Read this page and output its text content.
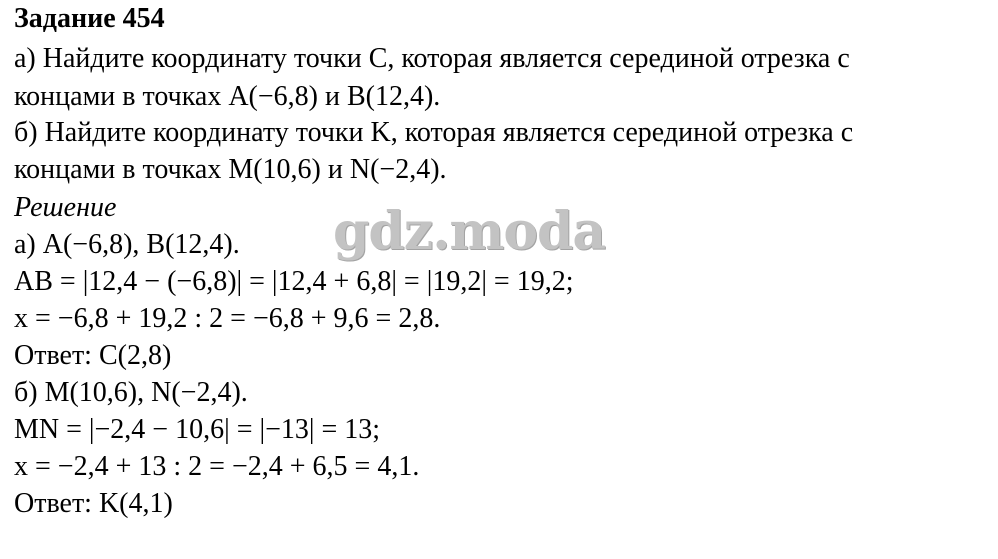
Задание 454
а) Найдите координату точки C, которая является серединой отрезка с
концами в точках A(−6,8) и B(12,4).
б) Найдите координату точки K, которая является серединой отрезка с
концами в точках M(10,6) и N(−2,4).
Решение
а) A(−6,8), B(12,4).
AB = |12,4 − (−6,8)| = |12,4 + 6,8| = |19,2| = 19,2;
x = −6,8 + 19,2 : 2 = −6,8 + 9,6 = 2,8.
Ответ: C(2,8)
б) M(10,6), N(−2,4).
MN = |−2,4 − 10,6| = |−13| = 13;
x = −2,4 + 13 : 2 = −2,4 + 6,5 = 4,1.
Ответ: K(4,1)
gdz.moda
